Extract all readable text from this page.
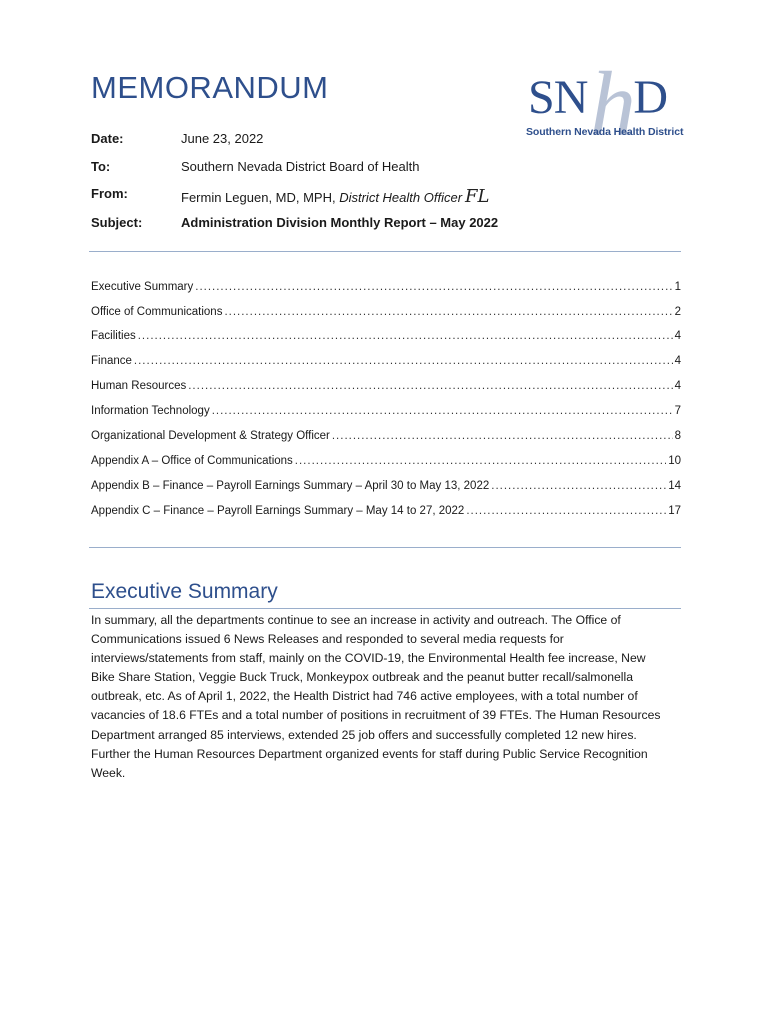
MEMORANDUM	h
SN D
Southern Nevada Health District
Date:	June 23, 2022
To:	Southern Nevada District Board of Health
From:	Fermin Leguen, MD, MPH, District Health Officer FL
Subject:	Administration Division Monthly Report – May 2022
Executive Summary .....	1
Office of Communications .....	2
Facilities .....	4
Finance .....	4
Human Resources .....	4
Information Technology .....	7
Organizational Development & Strategy Officer .....	8
Appendix A – Office of Communications .....	10
Appendix B – Finance – Payroll Earnings Summary – April 30 to May 13, 2022 .....	14
Appendix C – Finance – Payroll Earnings Summary – May 14 to 27, 2022 .....	17
Executive Summary
In summary, all the departments continue to see an increase in activity and outreach. The Office of Communications issued 6 News Releases and responded to several media requests for interviews/statements from staff, mainly on the COVID-19, the Environmental Health fee increase, New Bike Share Station, Veggie Buck Truck, Monkeypox outbreak and the peanut butter recall/salmonella outbreak, etc. As of April 1, 2022, the Health District had 746 active employees, with a total number of vacancies of 18.6 FTEs and a total number of positions in recruitment of 39 FTEs. The Human Resources Department arranged 85 interviews, extended 25 job offers and successfully completed 12 new hires. Further the Human Resources Department organized events for staff during Public Service Recognition Week.
